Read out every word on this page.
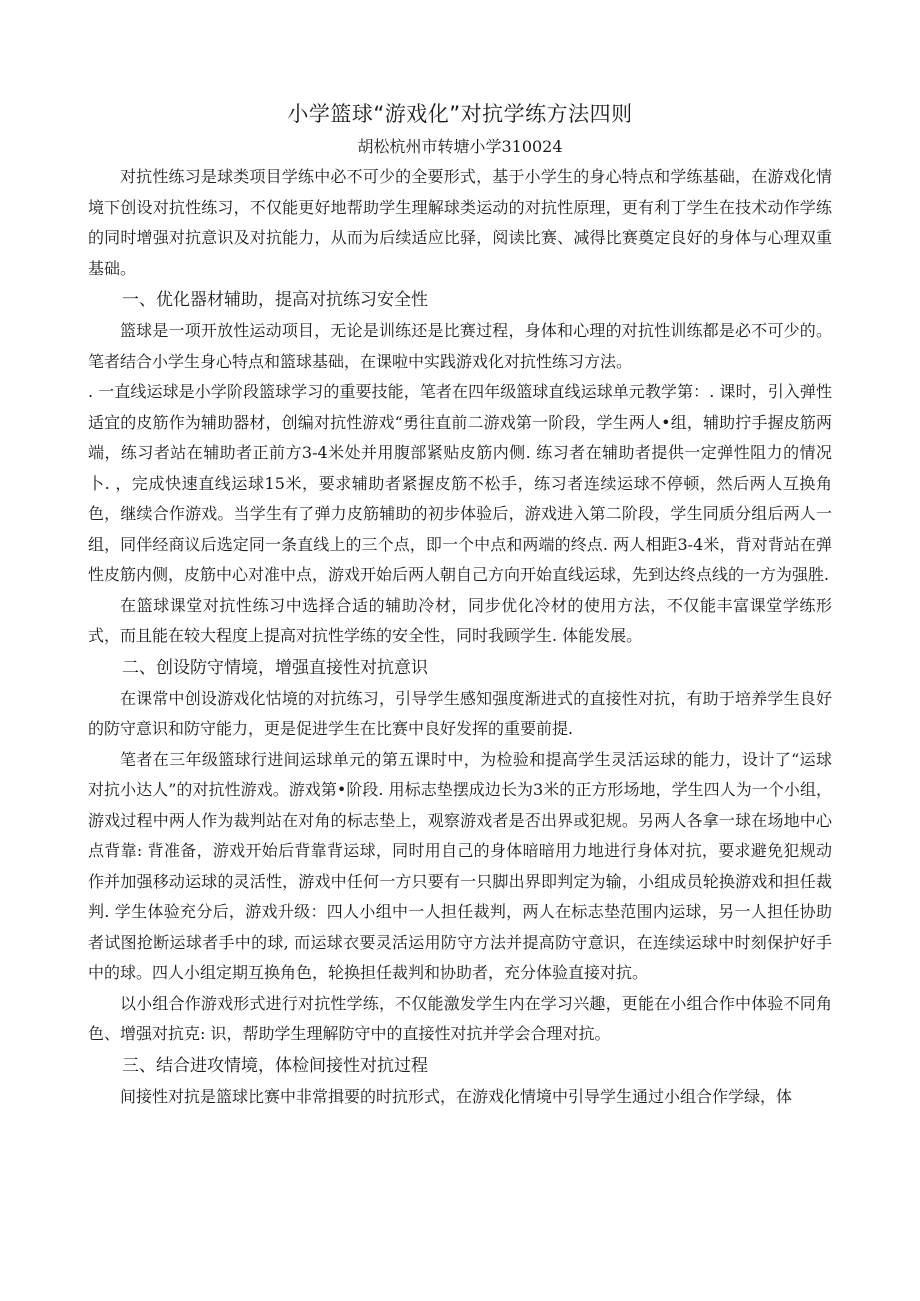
小学篮球“游戏化”对抗学练方法四则
胡松杭州市转塘小学310024

对抗性练习是球类项目学练中必不可少的全要形式，基于小学生的身心特点和学练基础，在游戏化情境下创设对抗性练习，不仅能更好地帮助学生理解球类运动的对抗性原理，更有利丁学生在技术动作学练的同时增强对抗意识及对抗能力，从而为后续适应比驿，阅读比赛、减得比赛奠定良好的身体与心理双重基础。

一、优化器材辅助，提高对抗练习安全性

篮球是一项开放性运动项目，无论是训练还是比赛过程，身体和心理的对抗性训练都是必不可少的。笔者结合小学生身心特点和篮球基础，在课啦中实践游戏化对抗性练习方法。

. 一直线运球是小学阶段篮球学习的重要技能，笔者在四年级篮球直线运球单元教学第：. 课时，引入弹性适宜的皮筋作为辅助器材，创编对抗性游戏“勇往直前二游戏第一阶段，学生两人•组，辅助拧手握皮筋两端，练习者站在辅助者正前方3-4米处并用腹部紧贴皮筋内侧. 练习者在辅助者提供一定弹性阻力的情况卜. ，完成快速直线运球15米，要求辅助者紧握皮筋不松手，练习者连续运球不停顿，然后两人互换角色，继续合作游戏。当学生有了弹力皮筋辅助的初步体验后，游戏进入第二阶段，学生同质分组后两人一组，同伴经商议后选定同一条直线上的三个点，即一个中点和两端的终点. 两人相距3-4米，背对背站在弹性皮筋内侧，皮筋中心对准中点，游戏开始后两人朝自己方向开始直线运球，先到达终点线的一方为强胜.

在篮球课堂对抗性练习中选择合适的辅助冷材，同步优化冷材的使用方法，不仅能丰富课堂学练形式，而且能在较大程度上提高对抗性学练的安全性，同时我顾学生. 体能发展。

二、创设防守情境，增强直接性对抗意识

在课常中创设游戏化怙境的对抗练习，引导学生感知强度渐进式的直接性对抗，有助于培养学生良好的防守意识和防守能力，更是促进学生在比赛中良好发挥的重要前提.

笔者在三年级篮球行进间运球单元的第五课时中，为检验和提高学生灵活运球的能力，设计了“运球对抗小达人”的对抗性游戏。游戏第•阶段. 用标志垫摆成边长为3米的正方形场地，学生四人为一个小组，游戏过程中两人作为裁判站在对角的标志垫上，观察游戏者是否出界或犯规。另两人各拿一球在场地中心点背靠: 背准备，游戏开始后背靠背运球，同时用自己的身体暗暗用力地进行身体对抗，要求避免犯规动作并加强移动运球的灵活性，游戏中任何一方只要有一只脚出界即判定为输，小组成员轮换游戏和担任裁判. 学生体验充分后，游戏升级：四人小组中一人担任裁判，两人在标志垫范围内运球，另一人担任协助者试图抢断运球者手中的球, 而运球衣要灵活运用防守方法并提高防守意识，在连续运球中时刻保护好手中的球。四人小组定期互换角色，轮换担任裁判和协助者，充分体验直接对抗。

以小组合作游戏形式进行对抗性学练，不仅能激发学生内在学习兴趣，更能在小组合作中体验不同角色、增强对抗克: 识，帮助学生理解防守中的直接性对抗并学会合理对抗。

三、结合进攻情境，体检间接性对抗过程

间接性对抗是篮球比赛中非常揖要的时抗形式，在游戏化情境中引导学生通过小组合作学绿，体
